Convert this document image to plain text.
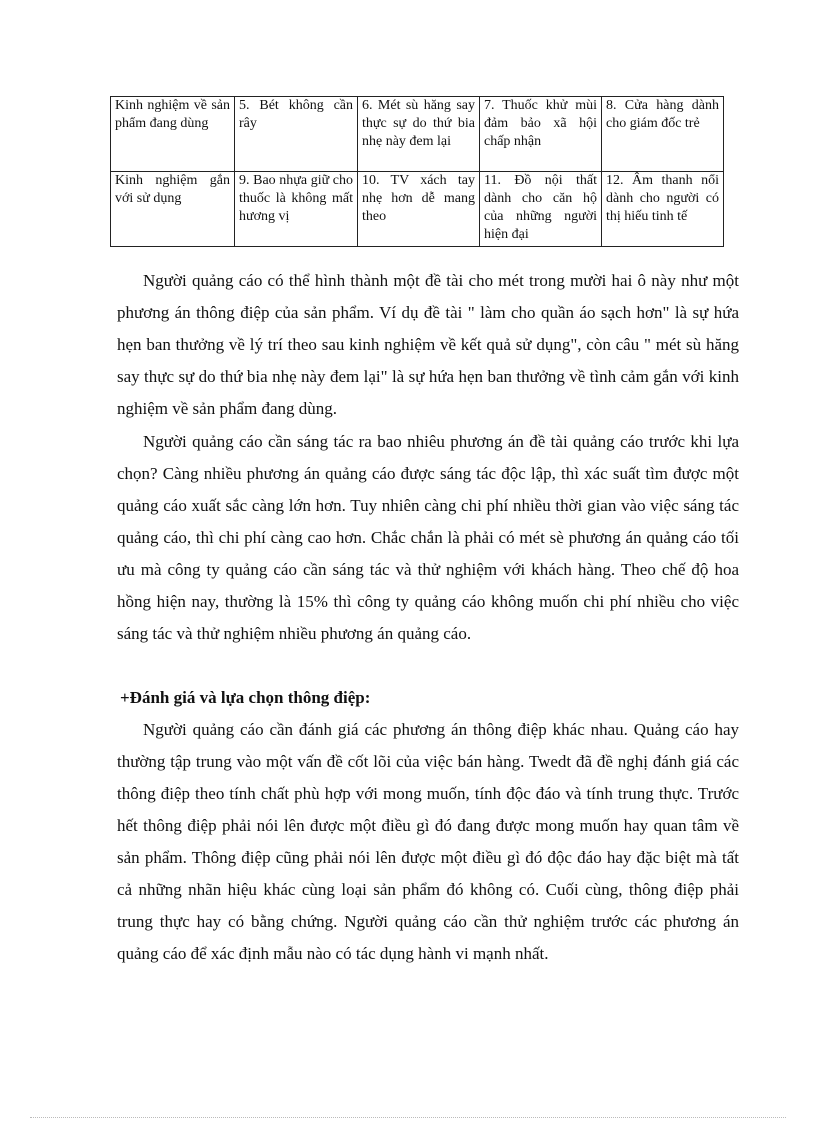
Kinh nghiệm về sản phẩm đang dùng	5. Bét không cần rây	6. Mét sù hăng say thực sự do thứ bia nhẹ này đem lại	7. Thuốc khử mùi đảm bảo xã hội chấp nhận	8. Cửa hàng dành cho giám đốc trẻ
Kinh nghiệm gắn với sử dụng	9. Bao nhựa giữ cho thuốc là không mất hương vị	10. TV xách tay nhẹ hơn dễ mang theo	11. Đồ nội thất dành cho căn hộ của những người hiện đại	12. Âm thanh nổi dành cho người có thị hiếu tinh tế

Người quảng cáo có thể hình thành một đề tài cho mét trong mười hai ô này như một phương án thông điệp của sản phẩm. Ví dụ đề tài " làm cho quần áo sạch hơn" là sự hứa hẹn ban thưởng về lý trí theo sau kinh nghiệm về kết quả sử dụng", còn câu " mét sù hăng say thực sự do thứ bia nhẹ này đem lại" là sự hứa hẹn ban thưởng về tình cảm gắn với kinh nghiệm về sản phẩm đang dùng.

Người quảng cáo cần sáng tác ra bao nhiêu phương án đề tài quảng cáo trước khi lựa chọn? Càng nhiều phương án quảng cáo được sáng tác độc lập, thì xác suất tìm được một quảng cáo xuất sắc càng lớn hơn. Tuy nhiên càng chi phí nhiều thời gian vào việc sáng tác quảng cáo, thì chi phí càng cao hơn. Chắc chắn là phải có mét sè phương án quảng cáo tối ưu mà công ty quảng cáo cần sáng tác và thử nghiệm với khách hàng. Theo chế độ hoa hồng hiện nay, thường là 15% thì công ty quảng cáo không muốn chi phí nhiều cho việc sáng tác và thử nghiệm nhiều phương án quảng cáo.

+Đánh giá và lựa chọn thông điệp:

Người quảng cáo cần đánh giá các phương án thông điệp khác nhau. Quảng cáo hay thường tập trung vào một vấn đề cốt lõi của việc bán hàng. Twedt đã đề nghị đánh giá các thông điệp theo tính chất phù hợp với mong muốn, tính độc đáo và tính trung thực. Trước hết thông điệp phải nói lên được một điều gì đó đang được mong muốn hay quan tâm về sản phẩm. Thông điệp cũng phải nói lên được một điều gì đó độc đáo hay đặc biệt mà tất cả những nhãn hiệu khác cùng loại sản phẩm đó không có. Cuối cùng, thông điệp phải trung thực hay có bằng chứng. Người quảng cáo cần thử nghiệm trước các phương án quảng cáo để xác định mẫu nào có tác dụng hành vi mạnh nhất.
